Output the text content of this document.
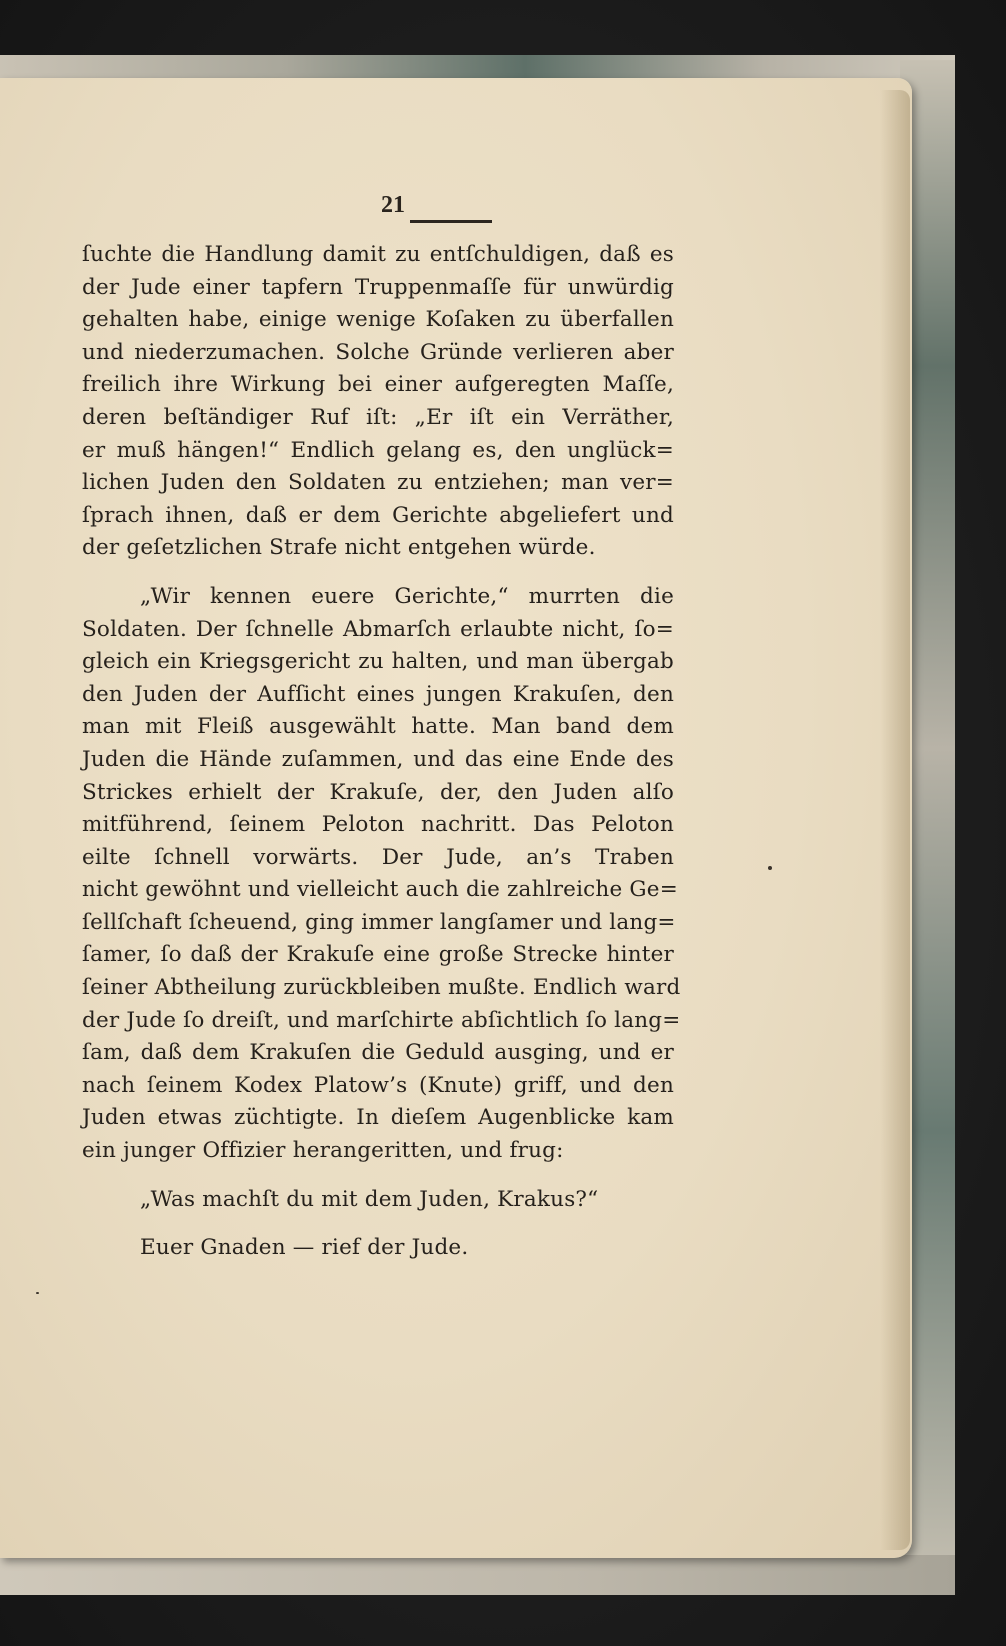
21
ſuchte die Handlung damit zu entſchuldigen, daß es
der Jude einer tapfern Truppenmaſſe für unwürdig
gehalten habe, einige wenige Koſaken zu überfallen
und niederzumachen. Solche Gründe verlieren aber
freilich ihre Wirkung bei einer aufgeregten Maſſe,
deren beſtändiger Ruf iſt: „Er iſt ein Verräther,
er muß hängen!“ Endlich gelang es, den unglück=
lichen Juden den Soldaten zu entziehen; man ver=
ſprach ihnen, daß er dem Gerichte abgeliefert und
der geſetzlichen Strafe nicht entgehen würde.
„Wir kennen euere Gerichte,“ murrten die
Soldaten. Der ſchnelle Abmarſch erlaubte nicht, ſo=
gleich ein Kriegsgericht zu halten, und man übergab
den Juden der Aufſicht eines jungen Krakuſen, den
man mit Fleiß ausgewählt hatte. Man band dem
Juden die Hände zuſammen, und das eine Ende des
Strickes erhielt der Krakuſe, der, den Juden alſo
mitführend, ſeinem Peloton nachritt. Das Peloton
eilte ſchnell vorwärts. Der Jude, an’s Traben
nicht gewöhnt und vielleicht auch die zahlreiche Ge=
ſellſchaft ſcheuend, ging immer langſamer und lang=
ſamer, ſo daß der Krakuſe eine große Strecke hinter
ſeiner Abtheilung zurückbleiben mußte. Endlich ward
der Jude ſo dreiſt, und marſchirte abſichtlich ſo lang=
ſam, daß dem Krakuſen die Geduld ausging, und er
nach ſeinem Kodex Platow’s (Knute) griff, und den
Juden etwas züchtigte. In dieſem Augenblicke kam
ein junger Offizier herangeritten, und frug:
„Was machſt du mit dem Juden, Krakus?“
Euer Gnaden — rief der Jude.
